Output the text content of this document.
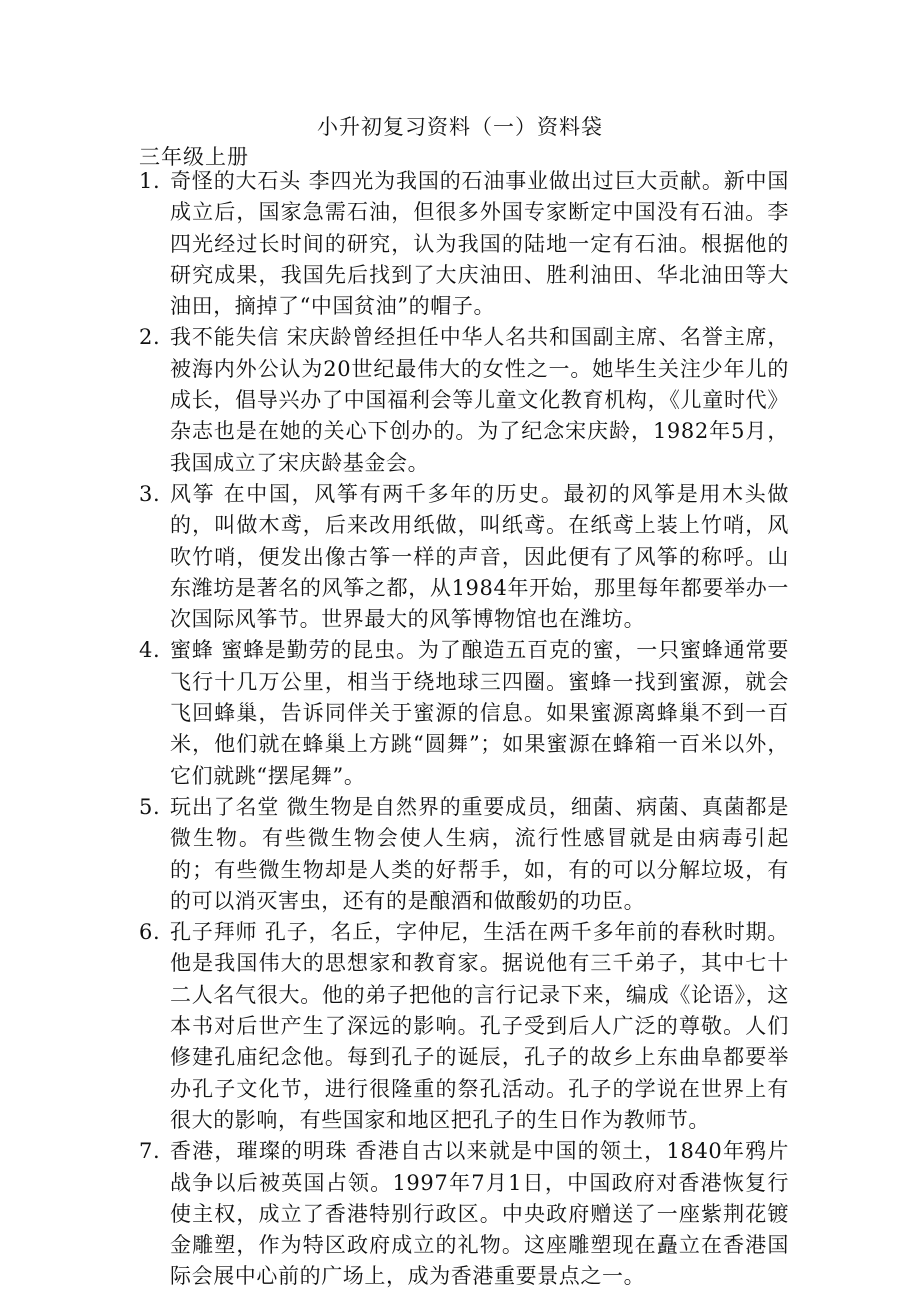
小升初复习资料（一）资料袋
三年级上册
1. 奇怪的大石头 李四光为我国的石油事业做出过巨大贡献。新中国成立后，国家急需石油，但很多外国专家断定中国没有石油。李四光经过长时间的研究，认为我国的陆地一定有石油。根据他的研究成果，我国先后找到了大庆油田、胜利油田、华北油田等大油田，摘掉了“中国贫油”的帽子。
2. 我不能失信 宋庆龄曾经担任中华人名共和国副主席、名誉主席，被海内外公认为20世纪最伟大的女性之一。她毕生关注少年儿的成长，倡导兴办了中国福利会等儿童文化教育机构，《儿童时代》杂志也是在她的关心下创办的。为了纪念宋庆龄，1982年5月，我国成立了宋庆龄基金会。
3. 风筝 在中国，风筝有两千多年的历史。最初的风筝是用木头做的，叫做木鸢，后来改用纸做，叫纸鸢。在纸鸢上装上竹哨，风吹竹哨，便发出像古筝一样的声音，因此便有了风筝的称呼。山东潍坊是著名的风筝之都，从1984年开始，那里每年都要举办一次国际风筝节。世界最大的风筝博物馆也在潍坊。
4. 蜜蜂 蜜蜂是勤劳的昆虫。为了酿造五百克的蜜，一只蜜蜂通常要飞行十几万公里，相当于绕地球三四圈。蜜蜂一找到蜜源，就会飞回蜂巢，告诉同伴关于蜜源的信息。如果蜜源离蜂巢不到一百米，他们就在蜂巢上方跳“圆舞”；如果蜜源在蜂箱一百米以外，它们就跳“摆尾舞”。
5. 玩出了名堂 微生物是自然界的重要成员，细菌、病菌、真菌都是微生物。有些微生物会使人生病，流行性感冒就是由病毒引起的；有些微生物却是人类的好帮手，如，有的可以分解垃圾，有的可以消灭害虫，还有的是酿酒和做酸奶的功臣。
6. 孔子拜师 孔子，名丘，字仲尼，生活在两千多年前的春秋时期。他是我国伟大的思想家和教育家。据说他有三千弟子，其中七十二人名气很大。他的弟子把他的言行记录下来，编成《论语》，这本书对后世产生了深远的影响。孔子受到后人广泛的尊敬。人们修建孔庙纪念他。每到孔子的诞辰，孔子的故乡上东曲阜都要举办孔子文化节，进行很隆重的祭孔活动。孔子的学说在世界上有很大的影响，有些国家和地区把孔子的生日作为教师节。
7. 香港，璀璨的明珠 香港自古以来就是中国的领土，1840年鸦片战争以后被英国占领。1997年7月1日，中国政府对香港恢复行使主权，成立了香港特别行政区。中央政府赠送了一座紫荆花镀金雕塑，作为特区政府成立的礼物。这座雕塑现在矗立在香港国际会展中心前的广场上，成为香港重要景点之一。
